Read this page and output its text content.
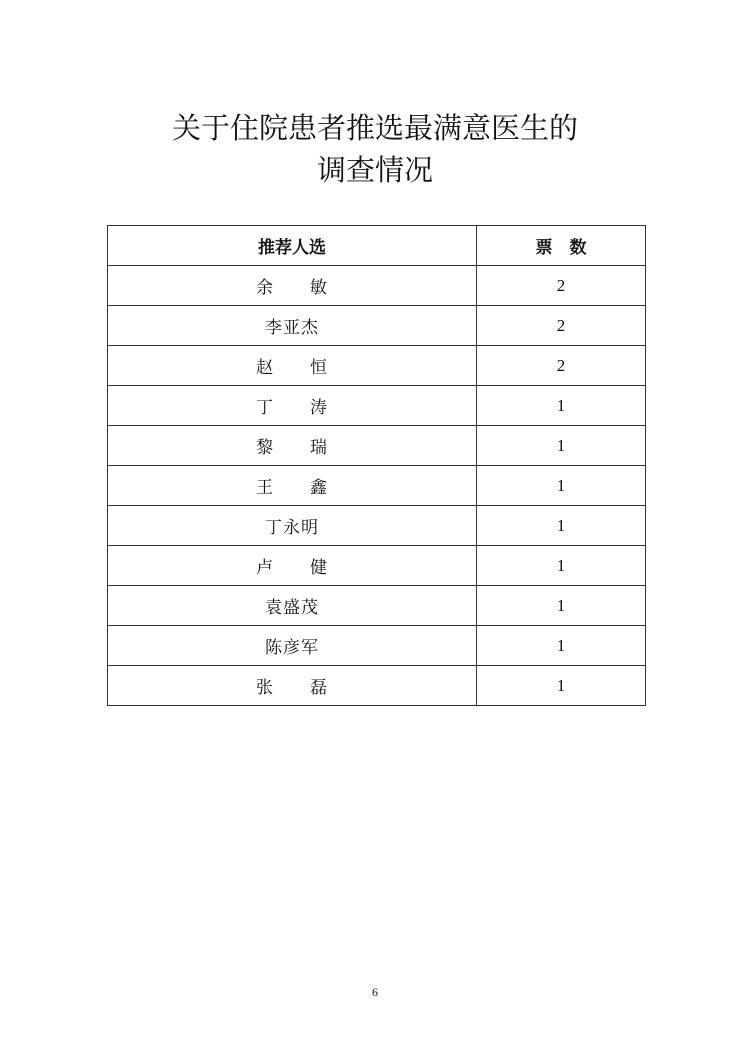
关于住院患者推选最满意医生的
调查情况
推荐人选	票　数
余　　敏	2
李亚杰	2
赵　　恒	2
丁　　涛	1
黎　　瑞	1
王　　鑫	1
丁永明	1
卢　　健	1
袁盛茂	1
陈彦军	1
张　　磊	1
6
